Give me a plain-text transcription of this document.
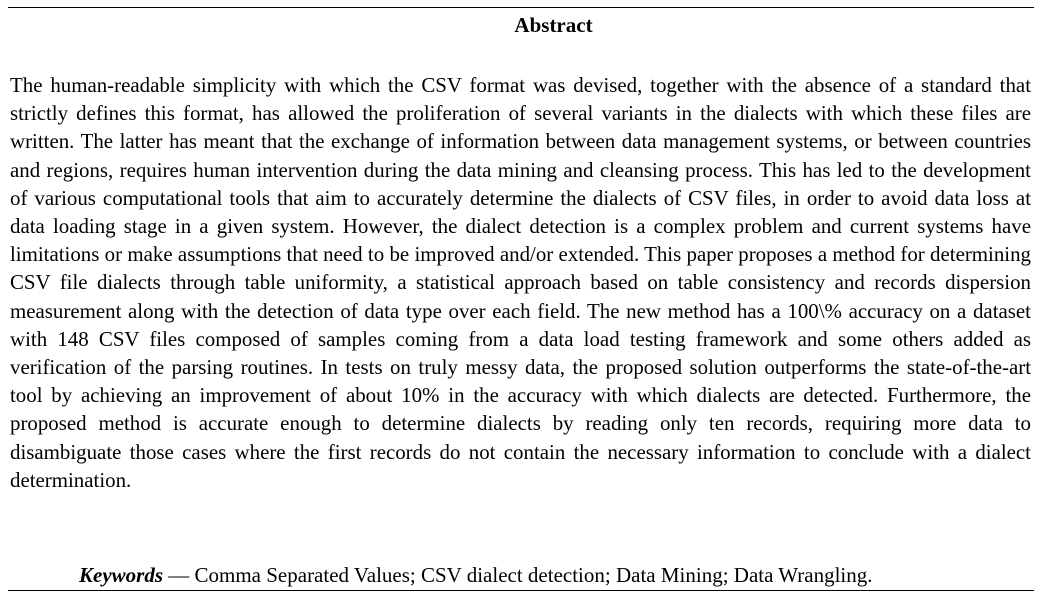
Abstract

The human-readable simplicity with which the CSV format was devised, together with the absence of a standard that strictly defines this format, has allowed the proliferation of several variants in the dialects with which these files are written. The latter has meant that the exchange of information between data management systems, or between countries and regions, requires human intervention during the data mining and cleansing process. This has led to the development of various computational tools that aim to accurately determine the dialects of CSV files, in order to avoid data loss at data loading stage in a given system. However, the dialect detection is a complex problem and current systems have limitations or make assumptions that need to be improved and/or extended. This paper proposes a method for determining CSV file dialects through table uniformity, a statistical approach based on table consistency and records dispersion measurement along with the detection of data type over each field. The new method has a 100\% accuracy on a dataset with 148 CSV files composed of samples coming from a data load testing framework and some others added as verification of the parsing routines. In tests on truly messy data, the proposed solution outperforms the state-of-the-art tool by achieving an improvement of about 10% in the accuracy with which dialects are detected. Furthermore, the proposed method is accurate enough to determine dialects by reading only ten records, requiring more data to disambiguate those cases where the first records do not contain the necessary information to conclude with a dialect determination.

Keywords — Comma Separated Values; CSV dialect detection; Data Mining; Data Wrangling.
